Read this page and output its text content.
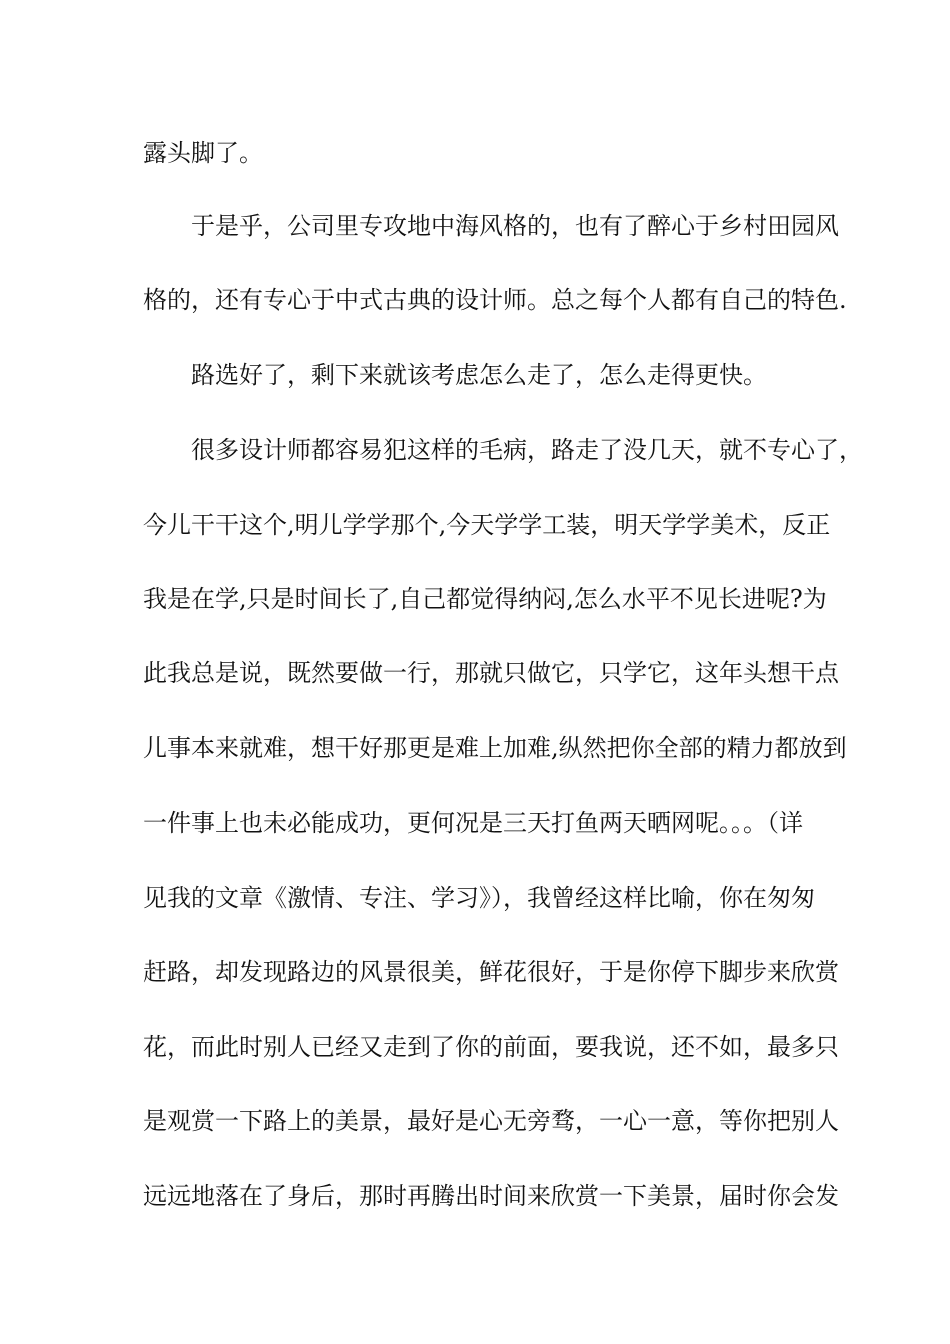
露头脚了。
于是乎，公司里专攻地中海风格的，也有了醉心于乡村田园风
格的，还有专心于中式古典的设计师。总之每个人都有自己的特色.
路选好了，剩下来就该考虑怎么走了，怎么走得更快。
很多设计师都容易犯这样的毛病，路走了没几天，就不专心了，
今儿干干这个,明儿学学那个,今天学学工装，明天学学美术，反正
我是在学,只是时间长了,自己都觉得纳闷,怎么水平不见长进呢?为
此我总是说，既然要做一行，那就只做它，只学它，这年头想干点
儿事本来就难，想干好那更是难上加难,纵然把你全部的精力都放到
一件事上也未必能成功，更何况是三天打鱼两天晒网呢。。。（详
见我的文章《激情、专注、学习》），我曾经这样比喻，你在匆匆
赶路，却发现路边的风景很美，鲜花很好，于是你停下脚步来欣赏
花，而此时别人已经又走到了你的前面，要我说，还不如，最多只
是观赏一下路上的美景，最好是心无旁骛，一心一意，等你把别人
远远地落在了身后，那时再腾出时间来欣赏一下美景，届时你会发
